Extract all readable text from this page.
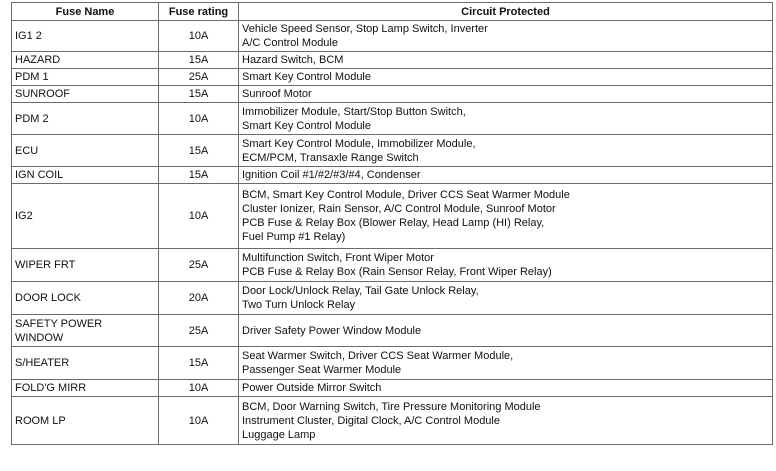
Fuse Name	Fuse rating	Circuit Protected
IG1 2	10A	Vehicle Speed Sensor, Stop Lamp Switch, Inverter
A/C Control Module

HAZARD	15A	Hazard Switch, BCM

PDM 1	25A	Smart Key Control Module

SUNROOF	15A	Sunroof Motor

PDM 2	10A	Immobilizer Module, Start/Stop Button Switch,
Smart Key Control Module

ECU	15A	Smart Key Control Module, Immobilizer Module,
ECM/PCM, Transaxle Range Switch

IGN COIL	15A	Ignition Coil #1/#2/#3/#4, Condenser

IG2	10A	BCM, Smart Key Control Module, Driver CCS Seat Warmer Module
Cluster Ionizer, Rain Sensor, A/C Control Module, Sunroof Motor
PCB Fuse & Relay Box (Blower Relay, Head Lamp (HI) Relay,
Fuel Pump #1 Relay)

WIPER FRT	25A	Multifunction Switch, Front Wiper Motor
PCB Fuse & Relay Box (Rain Sensor Relay, Front Wiper Relay)

DOOR LOCK	20A	Door Lock/Unlock Relay, Tail Gate Unlock Relay,
Two Turn Unlock Relay

SAFETY POWER
WINDOW	25A	Driver Safety Power Window Module

S/HEATER	15A	Seat Warmer Switch, Driver CCS Seat Warmer Module,
Passenger Seat Warmer Module

FOLD'G MIRR	10A	Power Outside Mirror Switch

ROOM LP	10A	BCM, Door Warning Switch, Tire Pressure Monitoring Module
Instrument Cluster, Digital Clock, A/C Control Module
Luggage Lamp
